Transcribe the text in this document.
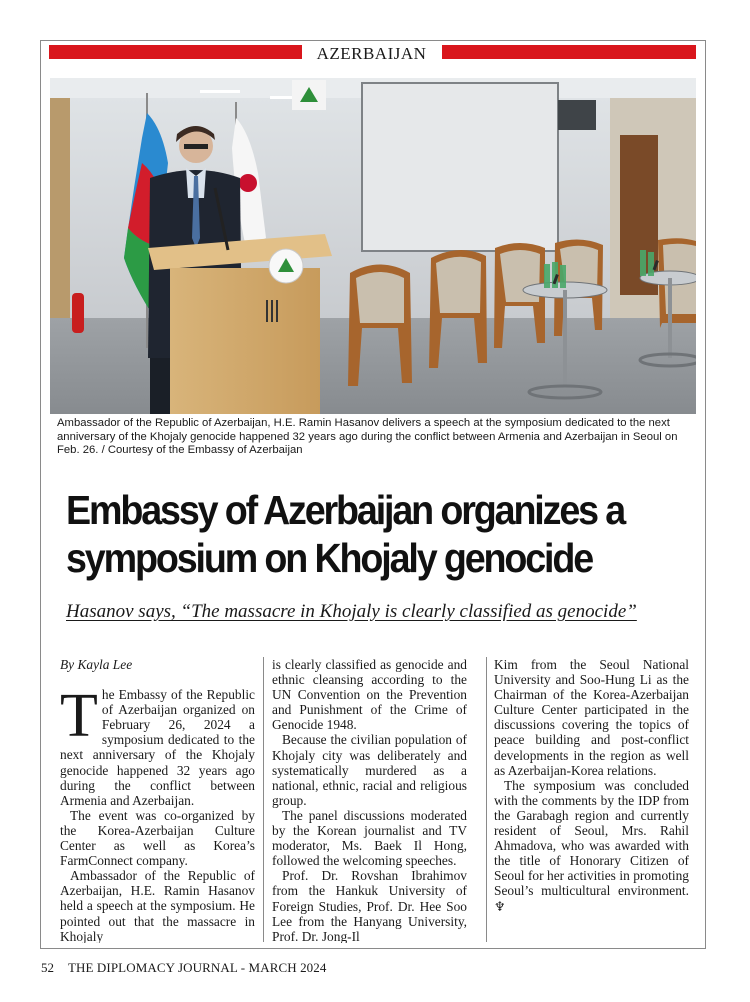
AZERBAIJAN
Ambassador of the Republic of Azerbaijan, H.E. Ramin Hasanov delivers a speech at the symposium dedicated to the next anniversary of the Khojaly genocide happened 32 years ago during the conflict between Armenia and Azerbaijan in Seoul on Feb. 26. / Courtesy of the Embassy of Azerbaijan
Embassy of Azerbaijan organizes a symposium on Khojaly genocide
Hasanov says, “The massacre in Khojaly is clearly classified as genocide”

By Kayla Lee

The Embassy of the Republic of Azerbaijan organized on February 26, 2024 a symposium dedicated to the next anniversary of the Khojaly genocide happened 32 years ago during the conflict between Armenia and Azerbaijan.

The event was co-organized by the Korea-Azerbaijan Culture Center as well as Korea’s FarmConnect company.

Ambassador of the Republic of Azerbaijan, H.E. Ramin Hasanov held a speech at the symposium. He pointed out that the massacre in Khojaly

is clearly classified as genocide and ethnic cleansing according to the UN Convention on the Prevention and Punishment of the Crime of Genocide 1948.

Because the civilian population of Khojaly city was deliberately and systematically murdered as a national, ethnic, racial and religious group.

The panel discussions moderated by the Korean journalist and TV moderator, Ms. Baek Il Hong, followed the welcoming speeches.

Prof. Dr. Rovshan Ibrahimov from the Hankuk University of Foreign Studies, Prof. Dr. Hee Soo Lee from the Hanyang University, Prof. Dr. Jong-Il

Kim from the Seoul National University and Soo-Hung Li as the Chairman of the Korea-Azerbaijan Culture Center participated in the discussions covering the topics of peace building and post-conflict developments in the region as well as Azerbaijan-Korea relations.

The symposium was concluded with the comments by the IDP from the Garabagh region and currently resident of Seoul, Mrs. Rahil Ahmadova, who was awarded with the title of Honorary Citizen of Seoul for her activities in promoting Seoul’s multicultural environment. ♆

52 THE DIPLOMACY JOURNAL - MARCH 2024
